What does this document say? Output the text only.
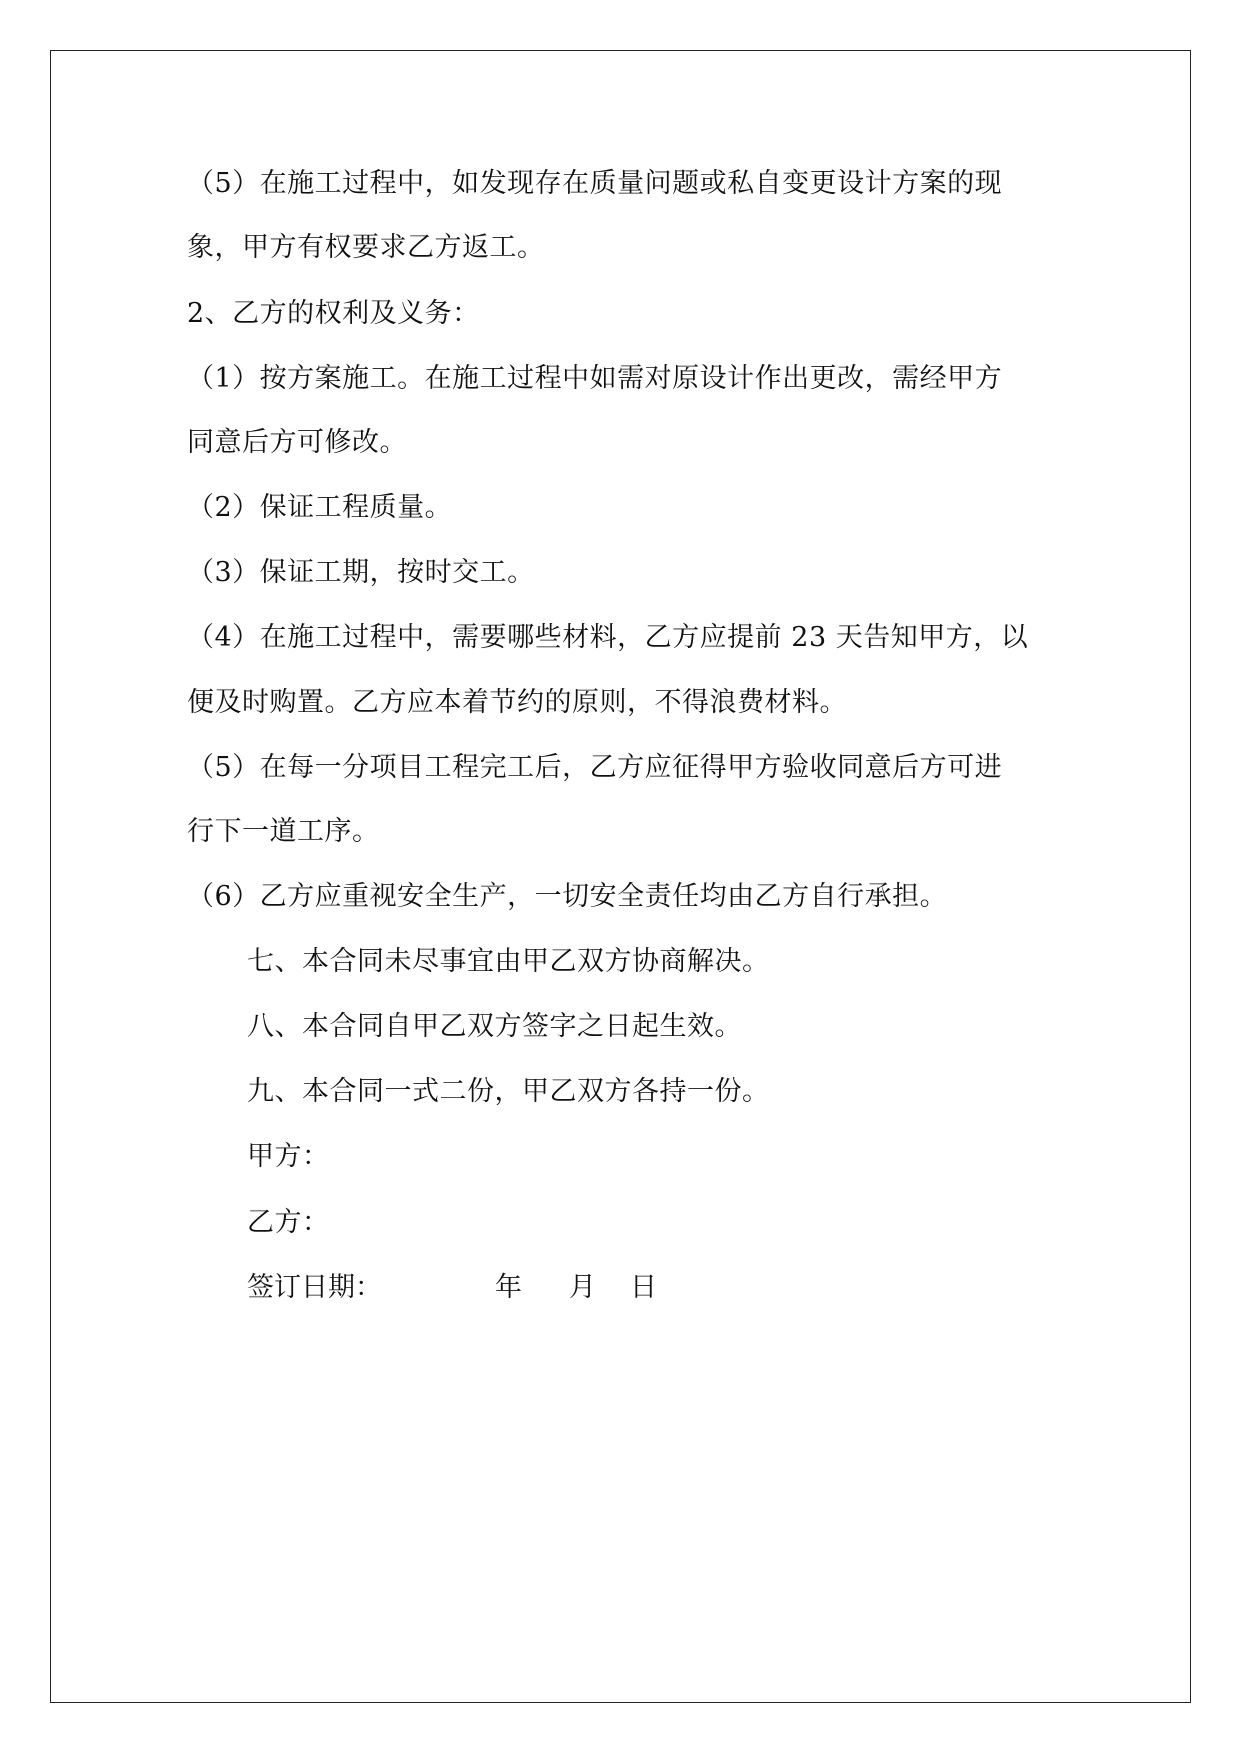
（5）在施工过程中，如发现存在质量问题或私自变更设计方案的现
象，甲方有权要求乙方返工。
2、乙方的权利及义务：
（1）按方案施工。在施工过程中如需对原设计作出更改，需经甲方
同意后方可修改。
（2）保证工程质量。
（3）保证工期，按时交工。
（4）在施工过程中，需要哪些材料，乙方应提前 23 天告知甲方，以
便及时购置。乙方应本着节约的原则，不得浪费材料。
（5）在每一分项目工程完工后，乙方应征得甲方验收同意后方可进
行下一道工序。
（6）乙方应重视安全生产，一切安全责任均由乙方自行承担。
七、本合同未尽事宜由甲乙双方协商解决。
八、本合同自甲乙双方签字之日起生效。
九、本合同一式二份，甲乙双方各持一份。
甲方：
乙方：
签订日期：	年 月 日
